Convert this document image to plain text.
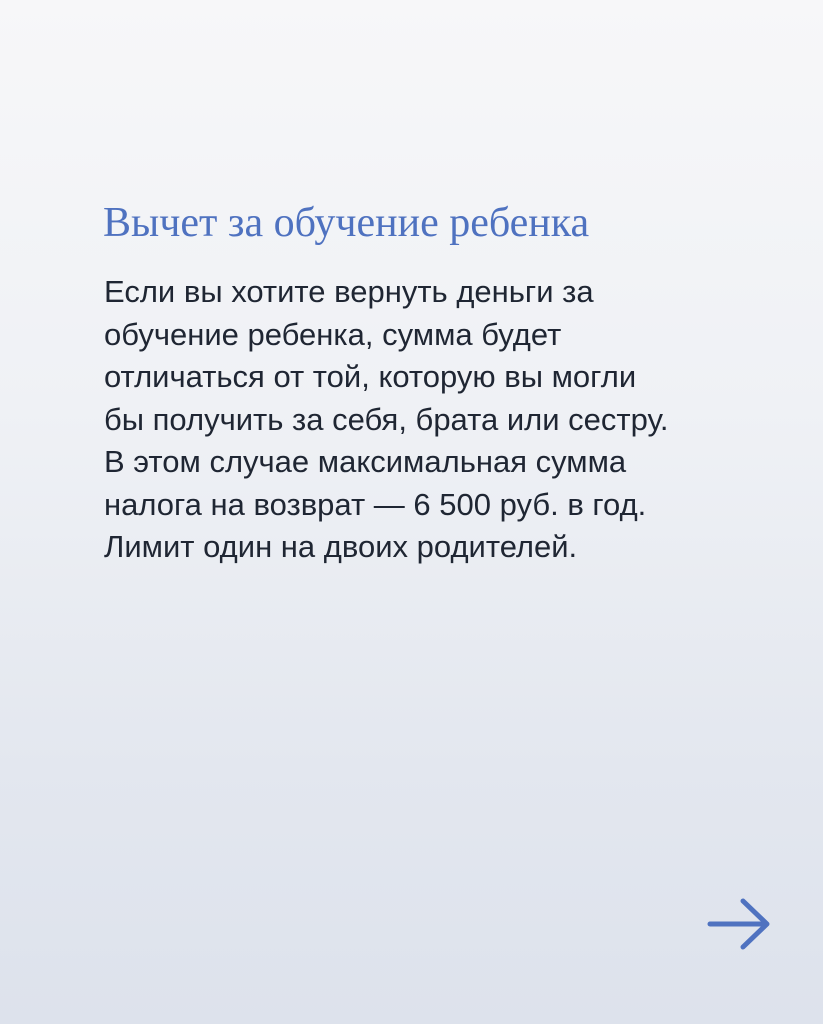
Вычет за обучение ребенка

Если вы хотите вернуть деньги за
обучение ребенка, сумма будет
отличаться от той, которую вы могли
бы получить за себя, брата или сестру.
В этом случае максимальная сумма
налога на возврат — 6 500 руб. в год.
Лимит один на двоих родителей.
